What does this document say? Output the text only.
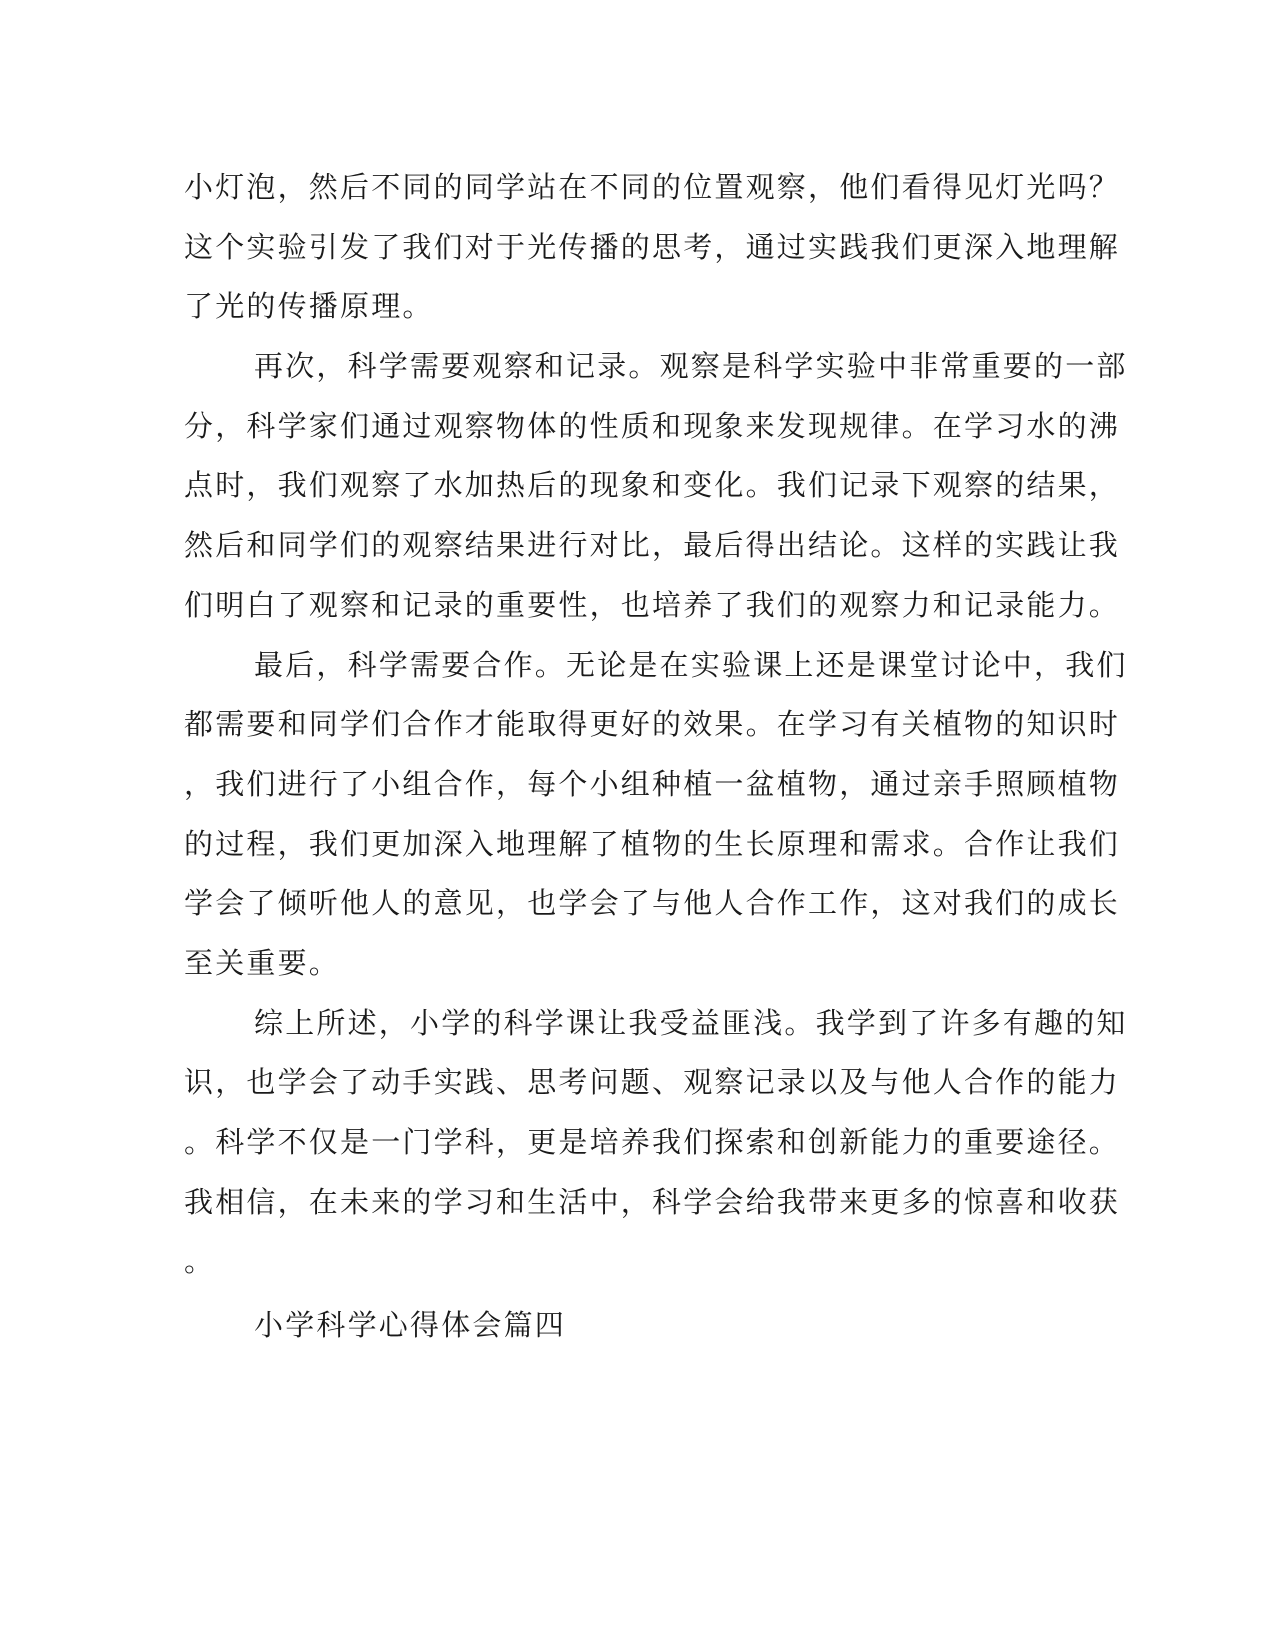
小灯泡，然后不同的同学站在不同的位置观察，他们看得见灯光吗？
这个实验引发了我们对于光传播的思考，通过实践我们更深入地理解
了光的传播原理。
再次，科学需要观察和记录。观察是科学实验中非常重要的一部
分，科学家们通过观察物体的性质和现象来发现规律。在学习水的沸
点时，我们观察了水加热后的现象和变化。我们记录下观察的结果，
然后和同学们的观察结果进行对比，最后得出结论。这样的实践让我
们明白了观察和记录的重要性，也培养了我们的观察力和记录能力。
最后，科学需要合作。无论是在实验课上还是课堂讨论中，我们
都需要和同学们合作才能取得更好的效果。在学习有关植物的知识时
，我们进行了小组合作，每个小组种植一盆植物，通过亲手照顾植物
的过程，我们更加深入地理解了植物的生长原理和需求。合作让我们
学会了倾听他人的意见，也学会了与他人合作工作，这对我们的成长
至关重要。
综上所述，小学的科学课让我受益匪浅。我学到了许多有趣的知
识，也学会了动手实践、思考问题、观察记录以及与他人合作的能力
。科学不仅是一门学科，更是培养我们探索和创新能力的重要途径。
我相信，在未来的学习和生活中，科学会给我带来更多的惊喜和收获
。
小学科学心得体会篇四
